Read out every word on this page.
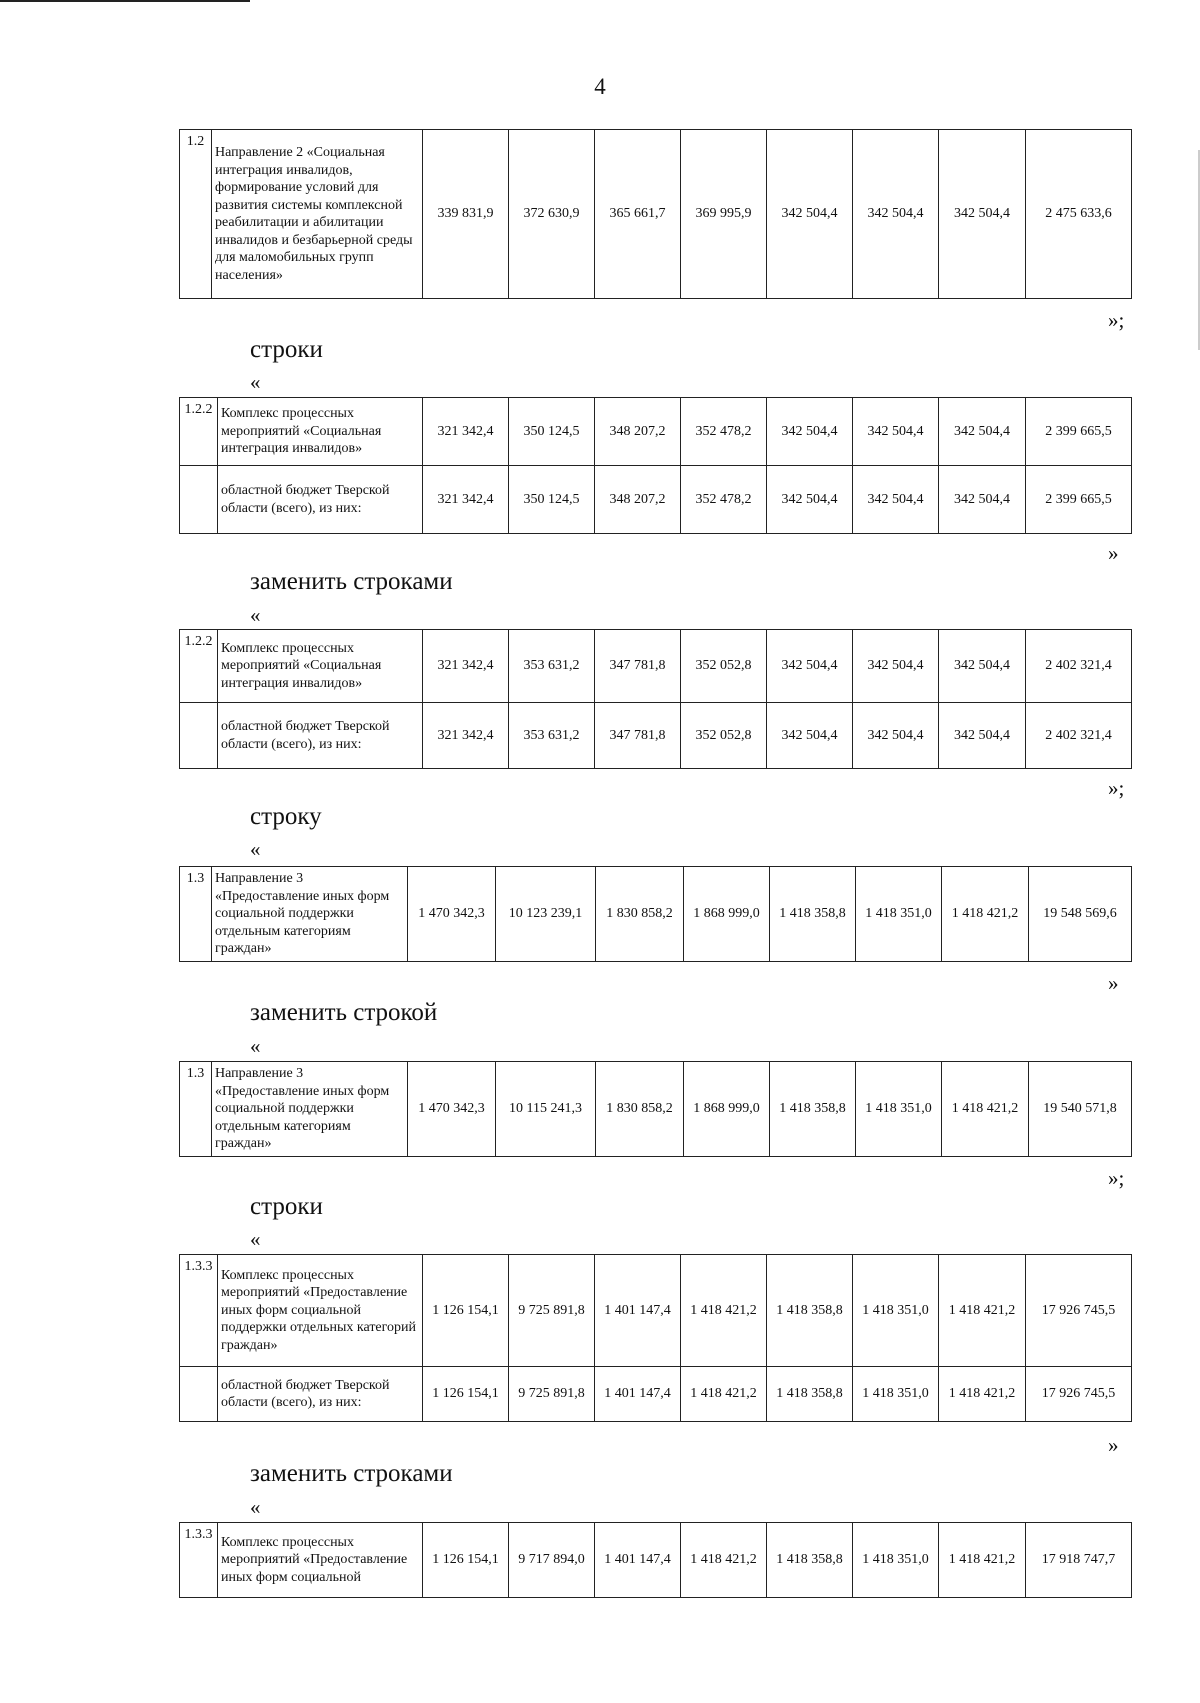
4
1.2	Направление 2 «Социальная интеграция инвалидов, формирование условий для развития системы комплексной реабилитации и абилитации инвалидов и безбарьерной среды для маломобильных групп населения»	339 831,9	372 630,9	365 661,7	369 995,9	342 504,4	342 504,4	342 504,4	2 475 633,6
»;
строки
«
1.2.2	Комплекс процессных мероприятий «Социальная интеграция инвалидов»	321 342,4	350 124,5	348 207,2	352 478,2	342 504,4	342 504,4	342 504,4	2 399 665,5
	областной бюджет Тверской области (всего), из них:	321 342,4	350 124,5	348 207,2	352 478,2	342 504,4	342 504,4	342 504,4	2 399 665,5
»
заменить строками
«
1.2.2	Комплекс процессных мероприятий «Социальная интеграция инвалидов»	321 342,4	353 631,2	347 781,8	352 052,8	342 504,4	342 504,4	342 504,4	2 402 321,4
	областной бюджет Тверской области (всего), из них:	321 342,4	353 631,2	347 781,8	352 052,8	342 504,4	342 504,4	342 504,4	2 402 321,4
»;
строку
«
1.3	Направление 3 «Предоставление иных форм социальной поддержки отдельным категориям граждан»	1 470 342,3	10 123 239,1	1 830 858,2	1 868 999,0	1 418 358,8	1 418 351,0	1 418 421,2	19 548 569,6
»
заменить строкой
«
1.3	Направление 3 «Предоставление иных форм социальной поддержки отдельным категориям граждан»	1 470 342,3	10 115 241,3	1 830 858,2	1 868 999,0	1 418 358,8	1 418 351,0	1 418 421,2	19 540 571,8
»;
строки
«
1.3.3	Комплекс процессных мероприятий «Предоставление иных форм социальной поддержки отдельных категорий граждан»	1 126 154,1	9 725 891,8	1 401 147,4	1 418 421,2	1 418 358,8	1 418 351,0	1 418 421,2	17 926 745,5
	областной бюджет Тверской области (всего), из них:	1 126 154,1	9 725 891,8	1 401 147,4	1 418 421,2	1 418 358,8	1 418 351,0	1 418 421,2	17 926 745,5
»
заменить строками
«
1.3.3	Комплекс процессных мероприятий «Предоставление иных форм социальной	1 126 154,1	9 717 894,0	1 401 147,4	1 418 421,2	1 418 358,8	1 418 351,0	1 418 421,2	17 918 747,7
